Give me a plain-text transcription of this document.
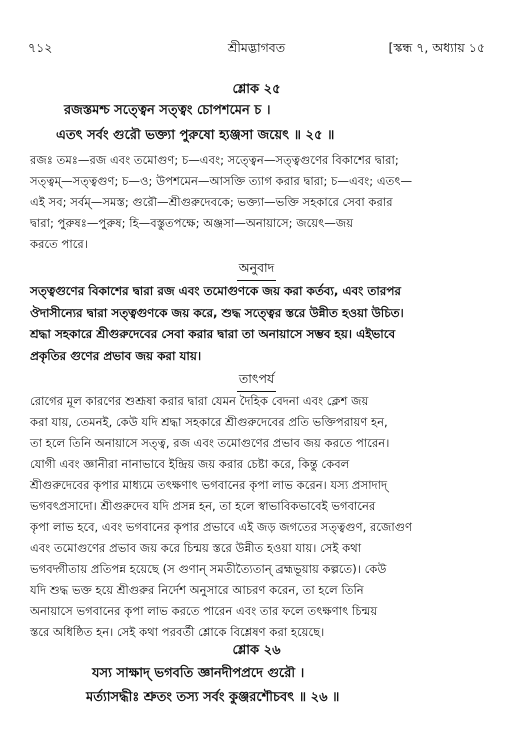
৭১২	শ্রীমদ্ভাগবত	[স্কন্ধ ৭, অধ্যায় ১৫
শ্লোক ২৫
রজস্তমশ্চ সত্ত্বেন সত্ত্বং চোপশমেন চ ।
এতৎ সর্বং গুরৌ ভক্ত্যা পুরুষো হ্যঞ্জসা জয়েৎ ॥ ২৫ ॥
রজঃ তমঃ—রজ এবং তমোগুণ; চ—এবং; সত্ত্বেন—সত্ত্বগুণের বিকাশের দ্বারা;
সত্ত্বম্—সত্ত্বগুণ; চ—ও; উপশমেন—আসক্তি ত্যাগ করার দ্বারা; চ—এবং; এতৎ—
এই সব; সর্বম্—সমস্ত; গুরৌ—শ্রীগুরুদেবকে; ভক্ত্যা—ভক্তি সহকারে সেবা করার
দ্বারা; পুরুষঃ—পুরুষ; হি—বস্তুতপক্ষে; অঞ্জসা—অনায়াসে; জয়েৎ—জয়
করতে পারে।
অনুবাদ
সত্ত্বগুণের বিকাশের দ্বারা রজ এবং তমোগুণকে জয় করা কর্তব্য, এবং তারপর
ঔদাসীন্যের দ্বারা সত্ত্বগুণকে জয় করে, শুদ্ধ সত্ত্বের স্তরে উন্নীত হওয়া উচিত।
শ্রদ্ধা সহকারে শ্রীগুরুদেবের সেবা করার দ্বারা তা অনায়াসে সম্ভব হয়। এইভাবে
প্রকৃতির গুণের প্রভাব জয় করা যায়।
তাৎপর্য
রোগের মূল কারণের শুশ্রূষা করার দ্বারা যেমন দৈহিক বেদনা এবং ক্লেশ জয়
করা যায়, তেমনই, কেউ যদি শ্রদ্ধা সহকারে শ্রীগুরুদেবের প্রতি ভক্তিপরায়ণ হন,
তা হলে তিনি অনায়াসে সত্ত্ব, রজ এবং তমোগুণের প্রভাব জয় করতে পারেন।
যোগী এবং জ্ঞানীরা নানাভাবে ইন্দ্রিয় জয় করার চেষ্টা করে, কিন্তু কেবল
শ্রীগুরুদেবের কৃপার মাধ্যমে তৎক্ষণাৎ ভগবানের কৃপা লাভ করেন। যস্য প্রসাদাদ্
ভগবৎপ্রসাদো। শ্রীগুরুদেব যদি প্রসন্ন হন, তা হলে স্বাভাবিকভাবেই ভগবানের
কৃপা লাভ হবে, এবং ভগবানের কৃপার প্রভাবে এই জড় জগতের সত্ত্বগুণ, রজোগুণ
এবং তমোগুণের প্রভাব জয় করে চিন্ময় স্তরে উন্নীত হওয়া যায়। সেই কথা
ভগবদ্গীতায় প্রতিপন্ন হয়েছে (স গুণান্ সমতীত্যৈতান্ ব্রহ্মভূয়ায় কল্পতে)। কেউ
যদি শুদ্ধ ভক্ত হয়ে শ্রীগুরুর নির্দেশ অনুসারে আচরণ করেন, তা হলে তিনি
অনায়াসে ভগবানের কৃপা লাভ করতে পারেন এবং তার ফলে তৎক্ষণাৎ চিন্ময়
স্তরে অধিষ্ঠিত হন। সেই কথা পরবর্তী শ্লোকে বিশ্লেষণ করা হয়েছে।
শ্লোক ২৬
যস্য সাক্ষাদ্ ভগবতি জ্ঞানদীপপ্রদে গুরৌ ।
মর্ত্যাসদ্ধীঃ শ্রুতং তস্য সর্বং কুঞ্জরশৌচবৎ ॥ ২৬ ॥
